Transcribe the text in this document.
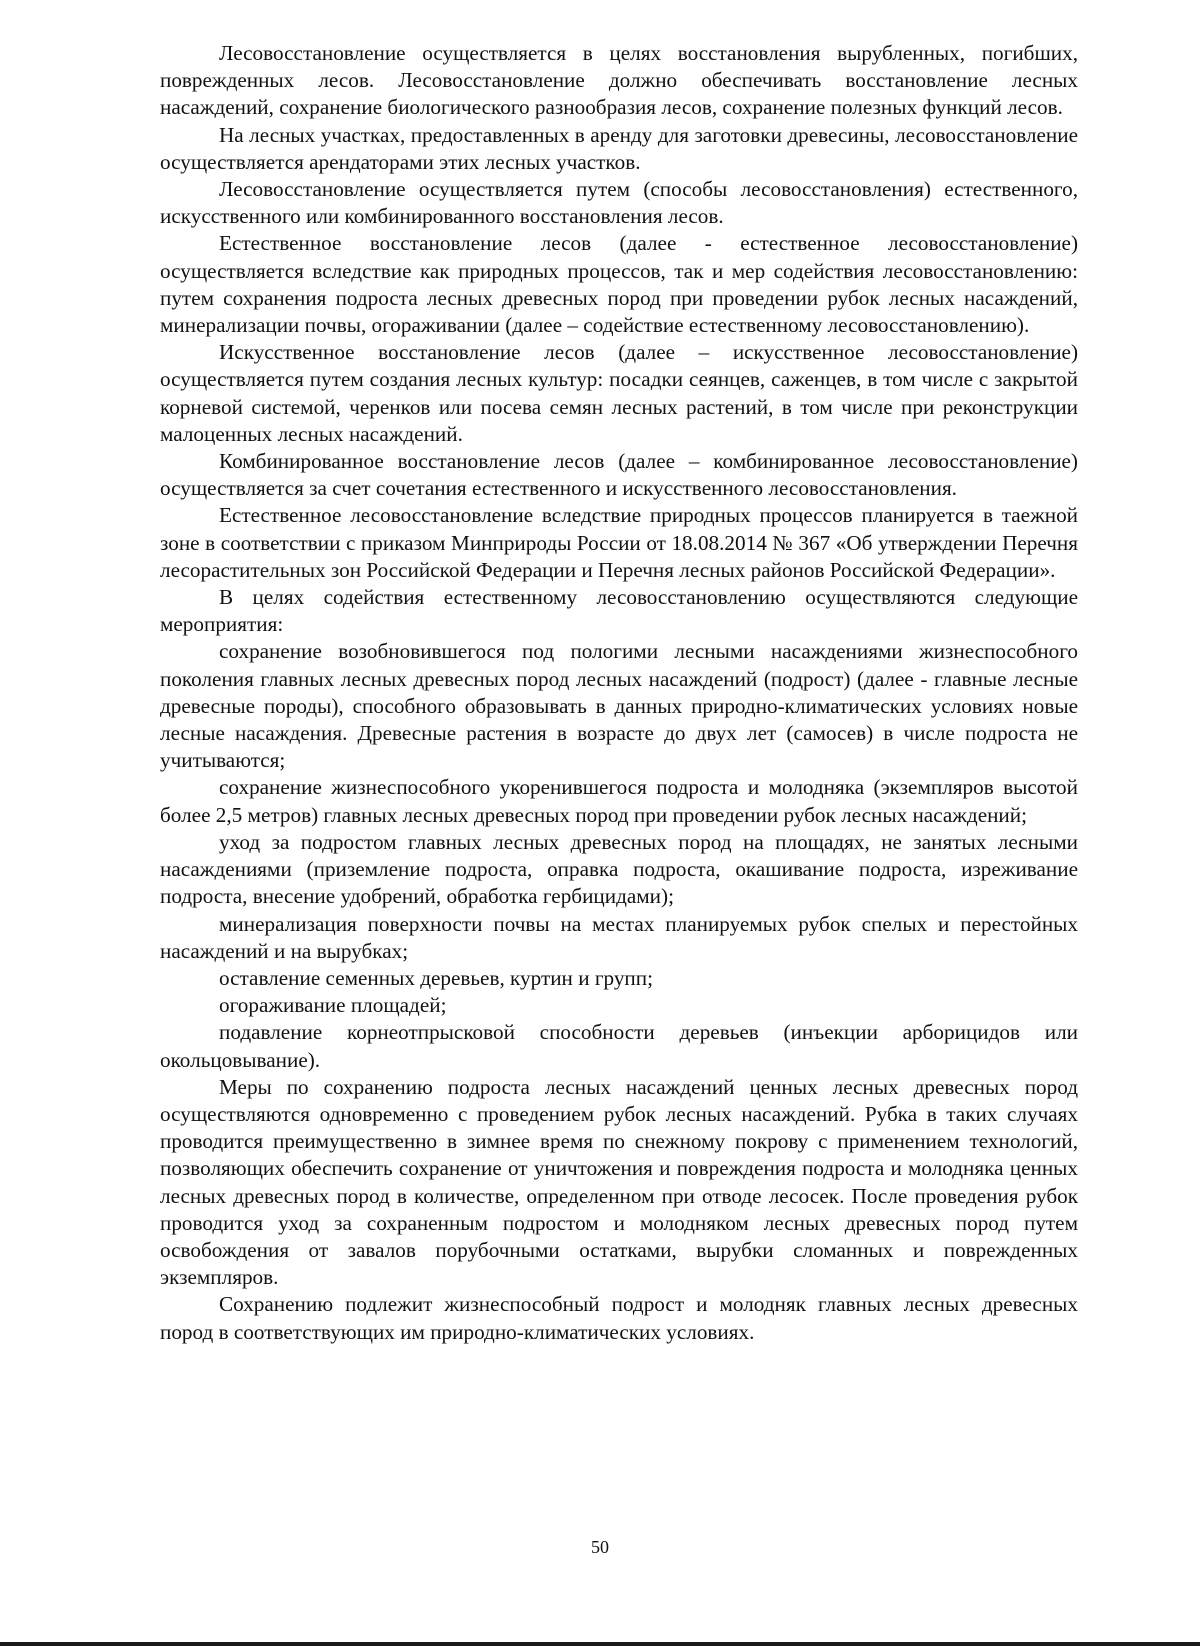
Лесовосстановление осуществляется в целях восстановления вырубленных, погибших, поврежденных лесов. Лесовосстановление должно обеспечивать восстановление лесных насаждений, сохранение биологического разнообразия лесов, сохранение полезных функций лесов.

На лесных участках, предоставленных в аренду для заготовки древесины, лесовосстановление осуществляется арендаторами этих лесных участков.

Лесовосстановление осуществляется путем (способы лесовосстановления) естественного, искусственного или комбинированного восстановления лесов.

Естественное восстановление лесов (далее - естественное лесовосстановление) осуществляется вследствие как природных процессов, так и мер содействия лесовосстановлению: путем сохранения подроста лесных древесных пород при проведении рубок лесных насаждений, минерализации почвы, огораживании (далее – содействие естественному лесовосстановлению).

Искусственное восстановление лесов (далее – искусственное лесовосстановление) осуществляется путем создания лесных культур: посадки сеянцев, саженцев, в том числе с закрытой корневой системой, черенков или посева семян лесных растений, в том числе при реконструкции малоценных лесных насаждений.

Комбинированное восстановление лесов (далее – комбинированное лесовосстановление) осуществляется за счет сочетания естественного и искусственного лесовосстановления.

Естественное лесовосстановление вследствие природных процессов планируется в таежной зоне в соответствии с приказом Минприроды России от 18.08.2014 № 367 «Об утверждении Перечня лесорастительных зон Российской Федерации и Перечня лесных районов Российской Федерации».

В целях содействия естественному лесовосстановлению осуществляются следующие мероприятия:

сохранение возобновившегося под пологими лесными насаждениями жизнеспособного поколения главных лесных древесных пород лесных насаждений (подрост) (далее - главные лесные древесные породы), способного образовывать в данных природно-климатических условиях новые лесные насаждения. Древесные растения в возрасте до двух лет (самосев) в числе подроста не учитываются;

сохранение жизнеспособного укоренившегося подроста и молодняка (экземпляров высотой более 2,5 метров) главных лесных древесных пород при проведении рубок лесных насаждений;

уход за подростом главных лесных древесных пород на площадях, не занятых лесными насаждениями (приземление подроста, оправка подроста, окашивание подроста, изреживание подроста, внесение удобрений, обработка гербицидами);

минерализация поверхности почвы на местах планируемых рубок спелых и перестойных насаждений и на вырубках;

оставление семенных деревьев, куртин и групп;

огораживание площадей;

подавление корнеотпрысковой способности деревьев (инъекции арборицидов или окольцовывание).

Меры по сохранению подроста лесных насаждений ценных лесных древесных пород осуществляются одновременно с проведением рубок лесных насаждений. Рубка в таких случаях проводится преимущественно в зимнее время по снежному покрову с применением технологий, позволяющих обеспечить сохранение от уничтожения и повреждения подроста и молодняка ценных лесных древесных пород в количестве, определенном при отводе лесосек. После проведения рубок проводится уход за сохраненным подростом и молодняком лесных древесных пород путем освобождения от завалов порубочными остатками, вырубки сломанных и поврежденных экземпляров.

Сохранению подлежит жизнеспособный подрост и молодняк главных лесных древесных пород в соответствующих им природно-климатических условиях.

50
